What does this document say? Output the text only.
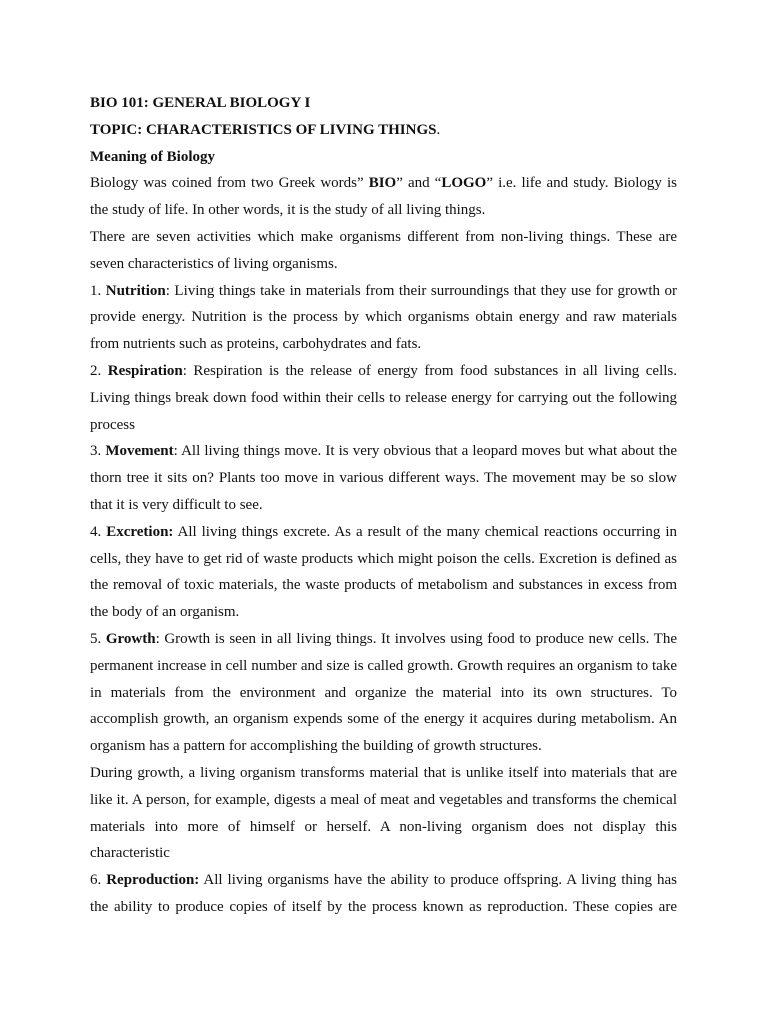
BIO 101: GENERAL BIOLOGY I

TOPIC: CHARACTERISTICS OF LIVING THINGS.

Meaning of Biology

Biology was coined from two Greek words” BIO” and “LOGO” i.e. life and study. Biology is the study of life. In other words, it is the study of all living things.

There are seven activities which make organisms different from non-living things. These are seven characteristics of living organisms.

1. Nutrition: Living things take in materials from their surroundings that they use for growth or provide energy. Nutrition is the process by which organisms obtain energy and raw materials from nutrients such as proteins, carbohydrates and fats.

2. Respiration: Respiration is the release of energy from food substances in all living cells. Living things break down food within their cells to release energy for carrying out the following process

3. Movement: All living things move. It is very obvious that a leopard moves but what about the thorn tree it sits on? Plants too move in various different ways. The movement may be so slow that it is very difficult to see.

4. Excretion: All living things excrete. As a result of the many chemical reactions occurring in cells, they have to get rid of waste products which might poison the cells. Excretion is defined as the removal of toxic materials, the waste products of metabolism and substances in excess from the body of an organism.

5. Growth: Growth is seen in all living things. It involves using food to produce new cells. The permanent increase in cell number and size is called growth. Growth requires an organism to take in materials from the environment and organize the material into its own structures. To accomplish growth, an organism expends some of the energy it acquires during metabolism. An organism has a pattern for accomplishing the building of growth structures.

During growth, a living organism transforms material that is unlike itself into materials that are like it. A person, for example, digests a meal of meat and vegetables and transforms the chemical materials into more of himself or herself. A non-living organism does not display this characteristic

6. Reproduction: All living organisms have the ability to produce offspring. A living thing has the ability to produce copies of itself by the process known as reproduction. These copies are
